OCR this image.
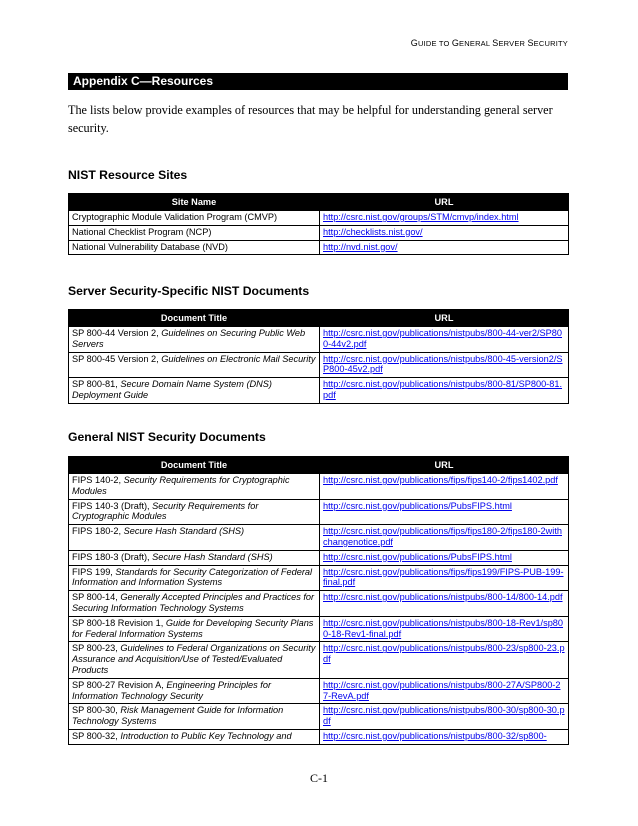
GUIDE TO GENERAL SERVER SECURITY
Appendix C—Resources
The lists below provide examples of resources that may be helpful for understanding general server security.
NIST Resource Sites
Site Name	URL
Cryptographic Module Validation Program (CMVP)	http://csrc.nist.gov/groups/STM/cmvp/index.html
National Checklist Program (NCP)	http://checklists.nist.gov/
National Vulnerability Database (NVD)	http://nvd.nist.gov/
Server Security-Specific NIST Documents
Document Title	URL
SP 800-44 Version 2, Guidelines on Securing Public Web Servers	http://csrc.nist.gov/publications/nistpubs/800-44-ver2/SP800-44v2.pdf
SP 800-45 Version 2, Guidelines on Electronic Mail Security	http://csrc.nist.gov/publications/nistpubs/800-45-version2/SP800-45v2.pdf
SP 800-81, Secure Domain Name System (DNS) Deployment Guide	http://csrc.nist.gov/publications/nistpubs/800-81/SP800-81.pdf
General NIST Security Documents
Document Title	URL
FIPS 140-2, Security Requirements for Cryptographic Modules	http://csrc.nist.gov/publications/fips/fips140-2/fips1402.pdf
FIPS 140-3 (Draft), Security Requirements for Cryptographic Modules	http://csrc.nist.gov/publications/PubsFIPS.html
FIPS 180-2, Secure Hash Standard (SHS)	http://csrc.nist.gov/publications/fips/fips180-2/fips180-2withchangenotice.pdf
FIPS 180-3 (Draft), Secure Hash Standard (SHS)	http://csrc.nist.gov/publications/PubsFIPS.html
FIPS 199, Standards for Security Categorization of Federal Information and Information Systems	http://csrc.nist.gov/publications/fips/fips199/FIPS-PUB-199-final.pdf
SP 800-14, Generally Accepted Principles and Practices for Securing Information Technology Systems	http://csrc.nist.gov/publications/nistpubs/800-14/800-14.pdf
SP 800-18 Revision 1, Guide for Developing Security Plans for Federal Information Systems	http://csrc.nist.gov/publications/nistpubs/800-18-Rev1/sp800-18-Rev1-final.pdf
SP 800-23, Guidelines to Federal Organizations on Security Assurance and Acquisition/Use of Tested/Evaluated Products	http://csrc.nist.gov/publications/nistpubs/800-23/sp800-23.pdf
SP 800-27 Revision A, Engineering Principles for Information Technology Security	http://csrc.nist.gov/publications/nistpubs/800-27A/SP800-27-RevA.pdf
SP 800-30, Risk Management Guide for Information Technology Systems	http://csrc.nist.gov/publications/nistpubs/800-30/sp800-30.pdf
SP 800-32, Introduction to Public Key Technology and	http://csrc.nist.gov/publications/nistpubs/800-32/sp800-
C-1
